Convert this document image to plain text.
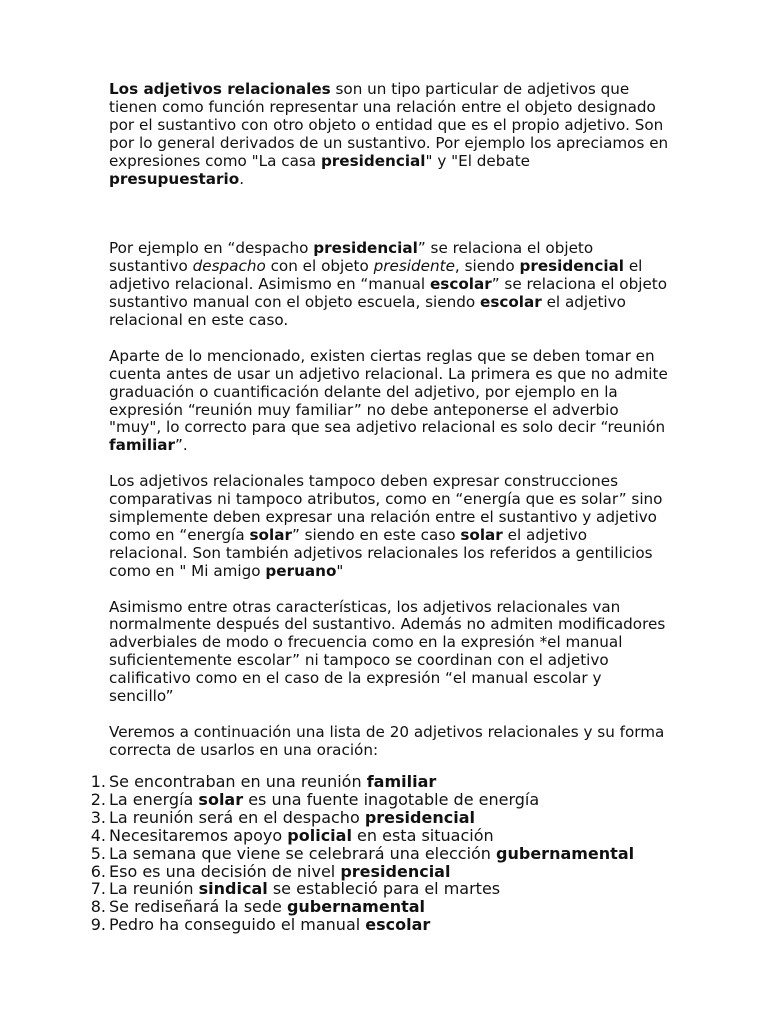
Los adjetivos relacionales son un tipo particular de adjetivos que tienen como función representar una relación entre el objeto designado por el sustantivo con otro objeto o entidad que es el propio adjetivo. Son por lo general derivados de un sustantivo. Por ejemplo los apreciamos en expresiones como "La casa presidencial" y "El debate presupuestario.

Por ejemplo en “despacho presidencial” se relaciona el objeto sustantivo despacho con el objeto presidente, siendo presidencial el adjetivo relacional. Asimismo en “manual escolar” se relaciona el objeto sustantivo manual con el objeto escuela, siendo escolar el adjetivo relacional en este caso.

Aparte de lo mencionado, existen ciertas reglas que se deben tomar en cuenta antes de usar un adjetivo relacional. La primera es que no admite graduación o cuantificación delante del adjetivo, por ejemplo en la expresión “reunión muy familiar” no debe anteponerse el adverbio "muy", lo correcto para que sea adjetivo relacional es solo decir “reunión familiar”.

Los adjetivos relacionales tampoco deben expresar construcciones comparativas ni tampoco atributos, como en “energía que es solar” sino simplemente deben expresar una relación entre el sustantivo y adjetivo como en “energía solar” siendo en este caso solar el adjetivo relacional. Son también adjetivos relacionales los referidos a gentilicios como en " Mi amigo peruano"

Asimismo entre otras características, los adjetivos relacionales van normalmente después del sustantivo. Además no admiten modificadores adverbiales de modo o frecuencia como en la expresión *el manual suficientemente escolar” ni tampoco se coordinan con el adjetivo calificativo como en el caso de la expresión “el manual escolar y sencillo”

Veremos a continuación una lista de 20 adjetivos relacionales y su forma correcta de usarlos en una oración:

1. Se encontraban en una reunión familiar
2. La energía solar es una fuente inagotable de energía
3. La reunión será en el despacho presidencial
4. Necesitaremos apoyo policial en esta situación
5. La semana que viene se celebrará una elección gubernamental
6. Eso es una decisión de nivel presidencial
7. La reunión sindical se estableció para el martes
8. Se rediseñará la sede gubernamental
9. Pedro ha conseguido el manual escolar
